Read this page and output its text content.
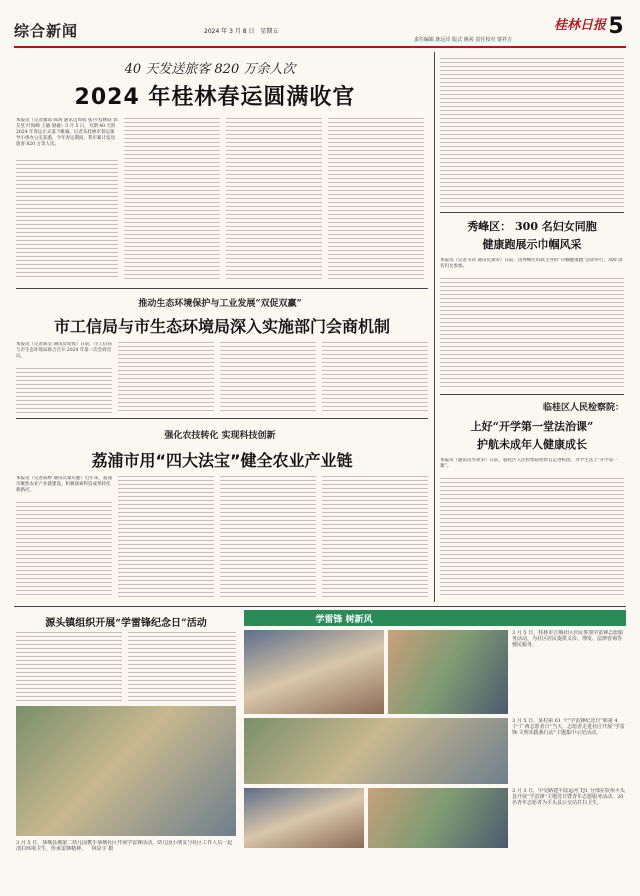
综合新闻	2024 年 3 月 8 日 星期五	桂林日报
责任编辑 陈远岸 版式 姚茜 责任校对 蒙祥吉
5
40 天发送旅客 820 万余人次
2024 年桂林春运圆满收官
本报讯（记者廖琼 陈禹 通讯员周成 张刊 桂林站 郭友堂 叶海峰 王敏 梁羲）3 月 5 日，为期 40 天的 2024 年春运正式落下帷幕。记者从桂林市春运领导小组办公室获悉，今年春运期间，我市累计发送旅客 820 万余人次。
推动生态环境保护与工业发展“双促双赢”
市工信局与市生态环境局深入实施部门会商机制
本报讯（记者陈莹 通讯员覃铿）日前，市工信局与市生态环境局联合召开 2024 年第一次会商会议。
强化农技转化 实现科技创新
荔浦市用“四大法宝”健全农业产业链
本报讯（记者陈婷 通讯员秦庆健）近年来，荔浦市聚焦农业产业链建设，积极探索科技成果转化新路径。
秀峰区： 300 名妇女同胞
健康跑展示巾帼风采
本报讯（记者韦萍 通讯员梁荣）日前，由秀峰区妇联主办的“巾帼健康跑”活动举行，300 余名妇女参加。
临桂区人民检察院：
上好“开学第一堂法治课”
护航未成年人健康成长
本报讯（通讯员李欢荣）日前，临桂区人民检察院检察官走进校园，为学生送上“开学第一课”。
源头镇组织开展“学雷锋纪念日”活动
3 月 5 日，恭城县城第二幼儿园携手恭城社区开展学雷锋活动，幼儿园小朋友与社区工作人员一起清扫环境卫生，传承雷锋精神。 林显宇 摄
学雷锋 树新风
3 月 5 日，桂林市吉城社区居民参加学雷锋志愿服务活动，为社区居民提供义诊、理发、法律咨询等便民服务。
3 月 5 日，某村第 61 个“学雷锋纪念日”和第 4 个“广西志愿者日”当天，志愿者走进社区开展“学雷锋·文明实践我行动”主题集中示范活动。
3 月 3 日，中交路建平陆运河 TJ1 分部在钦州平头县开展“学雷锋”主题党日暨青年志愿服务活动，20 名青年志愿者为平头县公交站打扫卫生。
